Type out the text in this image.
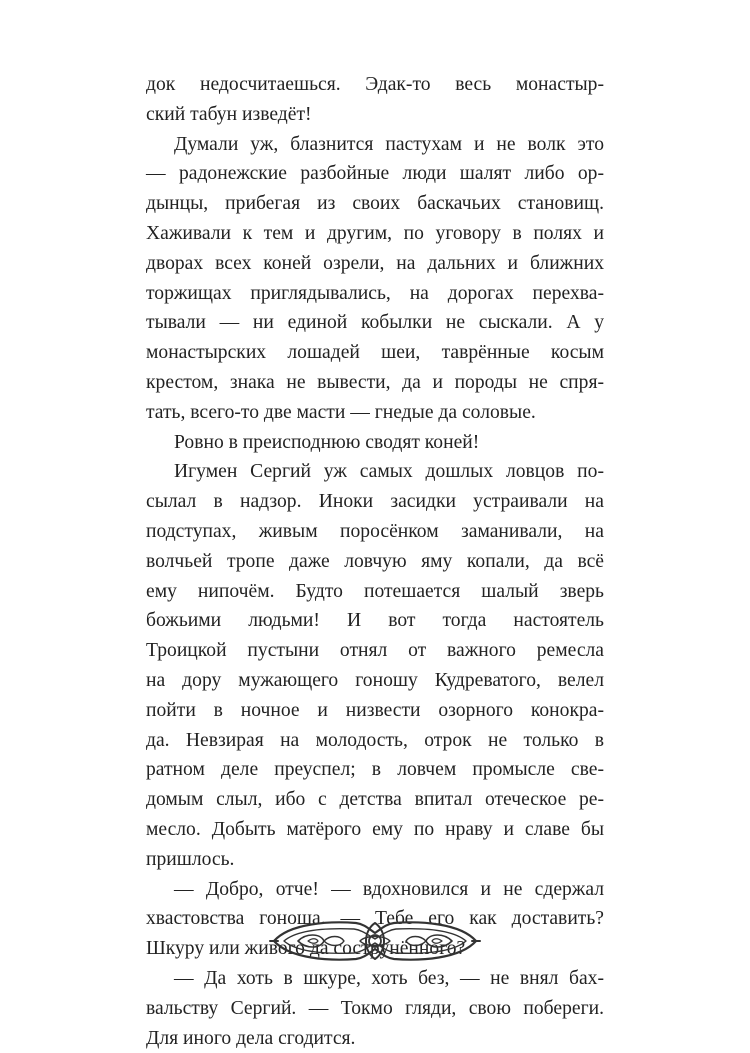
док недосчитаешься. Эдак-то весь монастыр-
ский табун изведёт!

Думали уж, блазнится пастухам и не волк это
— радонежские разбойные люди шалят либо ор-
дынцы, прибегая из своих баскачьих становищ.
Хаживали к тем и другим, по уговору в полях и
дворах всех коней озрели, на дальних и ближних
торжищах приглядывались, на дорогах перехва-
тывали — ни единой кобылки не сыскали. А у
монастырских лошадей шеи, таврённые косым
крестом, знака не вывести, да и породы не спря-
тать, всего-то две масти — гнедые да соловые.

Ровно в преисподнюю сводят коней!

Игумен Сергий уж самых дошлых ловцов по-
сылал в надзор. Иноки засидки устраивали на
подступах, живым поросёнком заманивали, на
волчьей тропе даже ловчую яму копали, да всё
ему нипочём. Будто потешается шалый зверь
божьими людьми! И вот тогда настоятель
Троицкой пустыни отнял от важного ремесла
на дору мужающего гоношу Кудреватого, велел
пойти в ночное и низвести озорного конокра-
да. Невзирая на молодость, отрок не только в
ратном деле преуспел; в ловчем промысле све-
домым слыл, ибо с детства впитал отеческое ре-
месло. Добыть матёрого ему по нраву и славе бы
пришлось.

— Добро, отче! — вдохновился и не сдержал
хвастовства гоноша. — Тебе его как доставить?
Шкуру или живого да сострунённого?

— Да хоть в шкуре, хоть без, — не внял бах-
вальству Сергий. — Токмо гляди, свою побереги.
Для иного дела сгодится.
